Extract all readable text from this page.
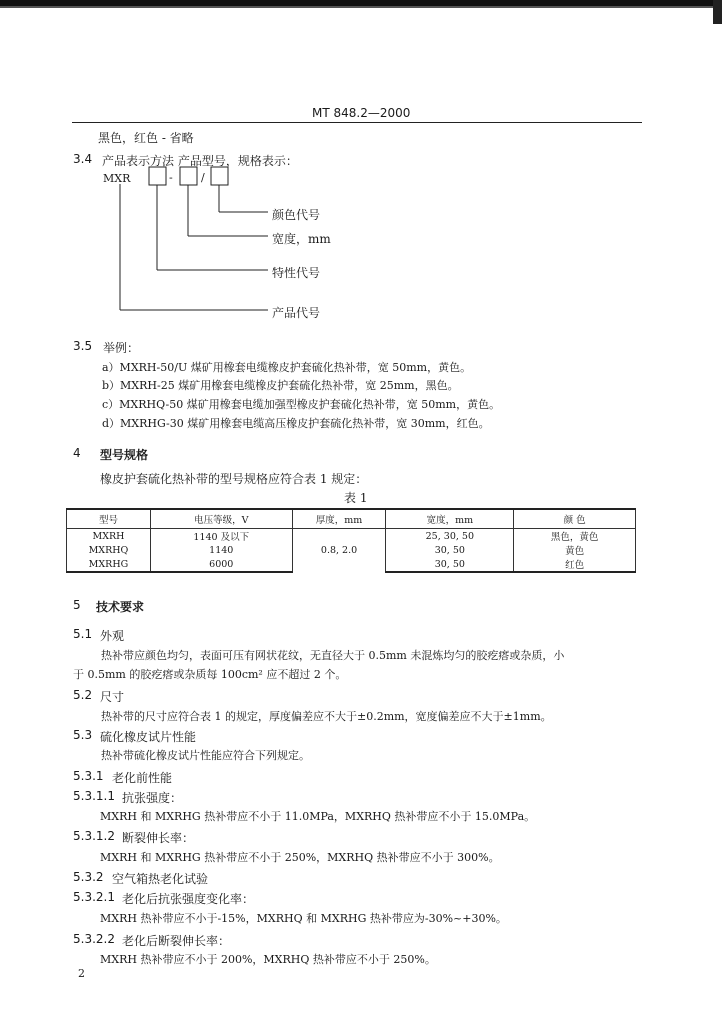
MT 848.2—2000
黑色，红色 - 省略
3.4 产品表示方法 产品型号，规格表示：
MXR	-	/
颜色代号
宽度，mm
特性代号
产品代号
3.5 举例：
a）MXRH-50/U 煤矿用橡套电缆橡皮护套硫化热补带，宽 50mm，黄色。
b）MXRH-25 煤矿用橡套电缆橡皮护套硫化热补带，宽 25mm，黑色。
c）MXRHQ-50 煤矿用橡套电缆加强型橡皮护套硫化热补带，宽 50mm，黄色。
d）MXRHG-30 煤矿用橡套电缆高压橡皮护套硫化热补带，宽 30mm，红色。
4 型号规格
橡皮护套硫化热补带的型号规格应符合表 1 规定：
表 1
型号	电压等级，V	厚度，mm	宽度，mm	颜 色
MXRH	1140 及以下	0.8, 2.0	25, 30, 50	黑色，黄色
MXRHQ	1140		30, 50	黄色
MXRHG	6000		30, 50	红色
5 技术要求
5.1 外观
热补带应颜色均匀，表面可压有网状花纹，无直径大于 0.5mm 未混炼均匀的胶疙瘩或杂质，小
于 0.5mm 的胶疙瘩或杂质每 100cm² 应不超过 2 个。
5.2 尺寸
热补带的尺寸应符合表 1 的规定，厚度偏差应不大于±0.2mm，宽度偏差应不大于±1mm。
5.3 硫化橡皮试片性能
热补带硫化橡皮试片性能应符合下列规定。
5.3.1 老化前性能
5.3.1.1 抗张强度：
MXRH 和 MXRHG 热补带应不小于 11.0MPa，MXRHQ 热补带应不小于 15.0MPa。
5.3.1.2 断裂伸长率：
MXRH 和 MXRHG 热补带应不小于 250%，MXRHQ 热补带应不小于 300%。
5.3.2 空气箱热老化试验
5.3.2.1 老化后抗张强度变化率：
MXRH 热补带应不小于-15%，MXRHQ 和 MXRHG 热补带应为-30%~+30%。
5.3.2.2 老化后断裂伸长率：
MXRH 热补带应不小于 200%，MXRHQ 热补带应不小于 250%。
2
